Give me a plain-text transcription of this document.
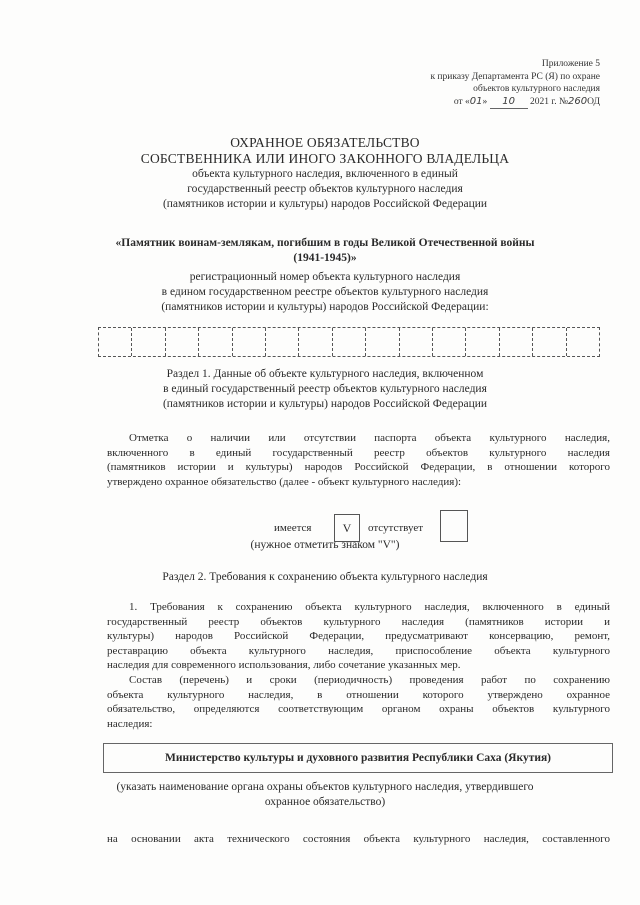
Приложение 5
к приказу Департамента РС (Я) по охране
объектов культурного наследия
от «01» 10 2021 г. №260ОД
ОХРАННОЕ ОБЯЗАТЕЛЬСТВО
СОБСТВЕННИКА ИЛИ ИНОГО ЗАКОННОГО ВЛАДЕЛЬЦА
объекта культурного наследия, включенного в единый
государственный реестр объектов культурного наследия
(памятников истории и культуры) народов Российской Федерации
«Памятник воинам-землякам, погибшим в годы Великой Отечественной войны
(1941-1945)»
регистрационный номер объекта культурного наследия
в едином государственном реестре объектов культурного наследия
(памятников истории и культуры) народов Российской Федерации:
Раздел 1. Данные об объекте культурного наследия, включенном
в единый государственный реестр объектов культурного наследия
(памятников истории и культуры) народов Российской Федерации
Отметка о наличии или отсутствии паспорта объекта культурного наследия,
включенного в единый государственный реестр объектов культурного наследия
(памятников истории и культуры) народов Российской Федерации, в отношении которого
утверждено охранное обязательство (далее - объект культурного наследия):
имеется	V	отсутствует
(нужное отметить знаком "V")
Раздел 2. Требования к сохранению объекта культурного наследия
1. Требования к сохранению объекта культурного наследия, включенного в единый
государственный реестр объектов культурного наследия (памятников истории и
культуры) народов Российской Федерации, предусматривают консервацию, ремонт,
реставрацию объекта культурного наследия, приспособление объекта культурного
наследия для современного использования, либо сочетание указанных мер.
Состав (перечень) и сроки (периодичность) проведения работ по сохранению
объекта культурного наследия, в отношении которого утверждено охранное
обязательство, определяются соответствующим органом охраны объектов культурного
наследия:
Министерство культуры и духовного развития Республики Саха (Якутия)
(указать наименование органа охраны объектов культурного наследия, утвердившего
охранное обязательство)
на основании акта технического состояния объекта культурного наследия, составленного
